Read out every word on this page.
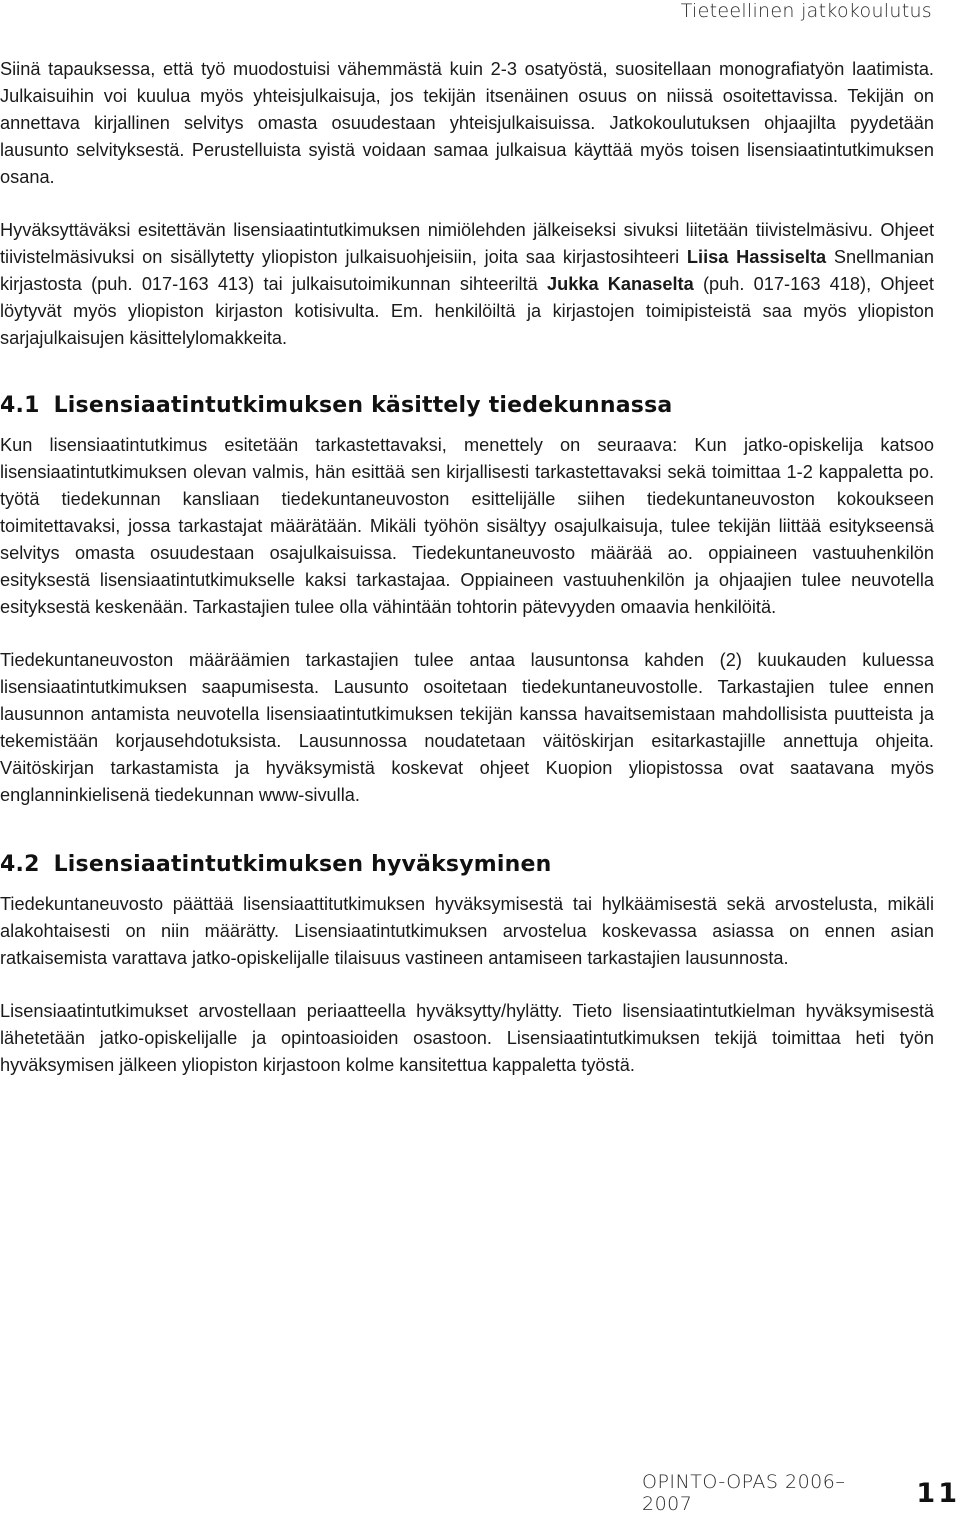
Tieteellinen jatkokoulutus

Siinä tapauksessa, että työ muodostuisi vähemmästä kuin 2-3 osatyöstä, suositellaan monografiatyön laatimista. Julkaisuihin voi kuulua myös yhteisjulkaisuja, jos tekijän itsenäinen osuus on niissä osoitettavissa. Tekijän on annettava kirjallinen selvitys omasta osuudestaan yhteisjulkaisuissa. Jatkokoulutuksen ohjaajilta pyydetään lausunto selvityksestä. Perustelluista syistä voidaan samaa julkaisua käyttää myös toisen lisensiaatintutkimuksen osana.

Hyväksyttäväksi esitettävän lisensiaatintutkimuksen nimiölehden jälkeiseksi sivuksi liitetään tiivistelmäsivu. Ohjeet tiivistelmäsivuksi on sisällytetty yliopiston julkaisuohjeisiin, joita saa kirjastosihteeri Liisa Hassiselta Snellmanian kirjastosta (puh. 017-163 413) tai julkaisutoimikunnan sihteeriltä Jukka Kanaselta (puh. 017-163 418), Ohjeet löytyvät myös yliopiston kirjaston kotisivulta. Em. henkilöiltä ja kirjastojen toimipisteistä saa myös yliopiston sarjajulkaisujen käsittelylomakkeita.

4.1 Lisensiaatintutkimuksen käsittely tiedekunnassa

Kun lisensiaatintutkimus esitetään tarkastettavaksi, menettely on seuraava: Kun jatko-opiskelija katsoo lisensiaatintutkimuksen olevan valmis, hän esittää sen kirjallisesti tarkastettavaksi sekä toimittaa 1-2 kappaletta po. työtä tiedekunnan kansliaan tiedekuntaneuvoston esittelijälle siihen tiedekuntaneuvoston kokoukseen toimitettavaksi, jossa tarkastajat määrätään. Mikäli työhön sisältyy osajulkaisuja, tulee tekijän liittää esitykseensä selvitys omasta osuudestaan osajulkaisuissa. Tiedekuntaneuvosto määrää ao. oppiaineen vastuuhenkilön esityksestä lisensiaatintutkimukselle kaksi tarkastajaa. Oppiaineen vastuuhenkilön ja ohjaajien tulee neuvotella esityksestä keskenään. Tarkastajien tulee olla vähintään tohtorin pätevyyden omaavia henkilöitä.

Tiedekuntaneuvoston määräämien tarkastajien tulee antaa lausuntonsa kahden (2) kuukauden kuluessa lisensiaatintutkimuksen saapumisesta. Lausunto osoitetaan tiedekuntaneuvostolle. Tarkastajien tulee ennen lausunnon antamista neuvotella lisensiaatintutkimuksen tekijän kanssa havaitsemistaan mahdollisista puutteista ja tekemistään korjausehdotuksista. Lausunnossa noudatetaan väitöskirjan esitarkastajille annettuja ohjeita. Väitöskirjan tarkastamista ja hyväksymistä koskevat ohjeet Kuopion yliopistossa ovat saatavana myös englanninkielisenä tiedekunnan www-sivulla.

4.2 Lisensiaatintutkimuksen hyväksyminen

Tiedekuntaneuvosto päättää lisensiaattitutkimuksen hyväksymisestä tai hylkäämisestä sekä arvostelusta, mikäli alakohtaisesti on niin määrätty. Lisensiaatintutkimuksen arvostelua koskevassa asiassa on ennen asian ratkaisemista varattava jatko-opiskelijalle tilaisuus vastineen antamiseen tarkastajien lausunnosta.

Lisensiaatintutkimukset arvostellaan periaatteella hyväksytty/hylätty. Tieto lisensiaatintutkielman hyväksymisestä lähetetään jatko-opiskelijalle ja opintoasioiden osastoon. Lisensiaatintutkimuksen tekijä toimittaa heti työn hyväksymisen jälkeen yliopiston kirjastoon kolme kansitettua kappaletta työstä.

OPINTO-OPAS 2006–2007	11
